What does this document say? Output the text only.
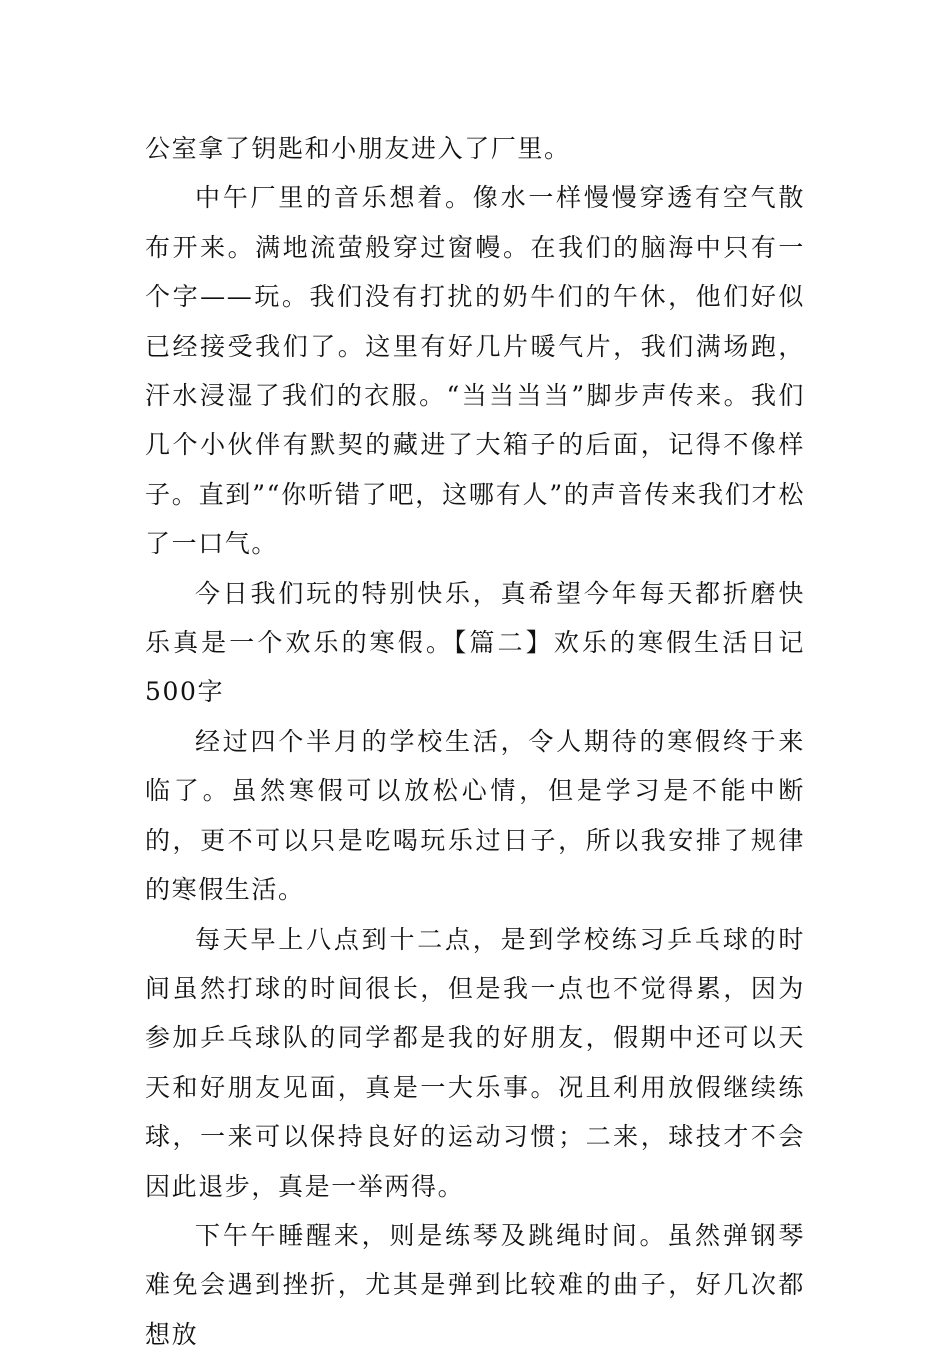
公室拿了钥匙和小朋友进入了厂里。

中午厂里的音乐想着。像水一样慢慢穿透有空气散布开来。满地流萤般穿过窗幔。在我们的脑海中只有一个字——玩。我们没有打扰的奶牛们的午休，他们好似已经接受我们了。这里有好几片暖气片，我们满场跑，汗水浸湿了我们的衣服。“当当当当”脚步声传来。我们几个小伙伴有默契的藏进了大箱子的后面，记得不像样子。直到”“你听错了吧，这哪有人”的声音传来我们才松了一口气。

今日我们玩的特别快乐，真希望今年每天都折磨快乐真是一个欢乐的寒假。【篇二】欢乐的寒假生活日记500字

经过四个半月的学校生活，令人期待的寒假终于来临了。虽然寒假可以放松心情，但是学习是不能中断的，更不可以只是吃喝玩乐过日子，所以我安排了规律的寒假生活。

每天早上八点到十二点，是到学校练习乒乓球的时间虽然打球的时间很长，但是我一点也不觉得累，因为参加乒乓球队的同学都是我的好朋友，假期中还可以天天和好朋友见面，真是一大乐事。况且利用放假继续练球，一来可以保持良好的运动习惯；二来，球技才不会因此退步，真是一举两得。

下午午睡醒来，则是练琴及跳绳时间。虽然弹钢琴难免会遇到挫折，尤其是弹到比较难的曲子，好几次都想放
